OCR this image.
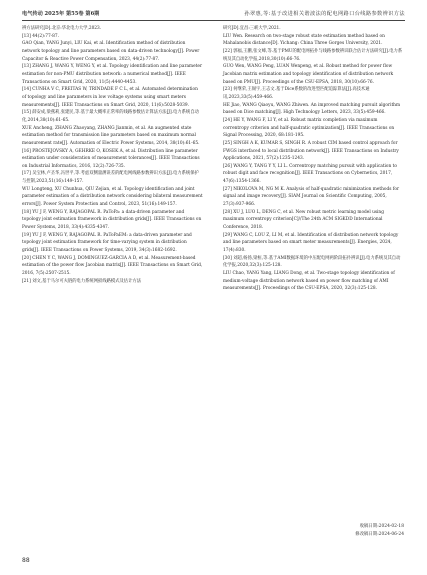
电气传动 2025年 第55卷 第6期	孙翠惠,等:基于改进相关谐波法的配电网路口台线路参数辨识方法

辨方法研究[D].北京:华北电力大学,2023.

[13] 44(2):77-87.

GAO Qian, YANG Junyi, LIU Kai, et al. Identification method of distribution network topology and line parameters based on data-driven technology[J]. Power Capacitor & Reactive Power Compensation, 2023, 44(2):77-87.

[13] ZHANG J, WANG Y, WENG Y, et al. Topology identification and line parameter estimation for non-PMU distribution network: a numerical method[J]. IEEE Transactions on Smart Grid, 2020, 11(5):4440-4453.

[14] CUNHA V C, FREITAS W, TRINDADE F C L, et al. Automated determination of topology and line parameters in low voltage systems using smart meters measurements[J]. IEEE Transactions on Smart Grid, 2020, 11(6):5028-5039.

[15] 薛安成,梁燕莉,张建民,等.基于最大概率正常率的线路参数估计算法方法[J].电力系统自动化,2014,38(10):61-65.

XUE Ancheng, ZHANG Zhaoyang, ZHANG Jianmin, et al. An augmented state estimation method for transmission line parameters based on maximum normal measurement rate[J]. Automation of Electric Power Systems, 2014, 38(10):61-65.

[16] PROSTEJOVSKY A, GEHRKE O, KOSEK A, et al. Distribution line parameter estimation under consideration of measurement tolerances[J]. IEEE Transactions on Industrial Informatics, 2016, 12(2):726-735.

[17] 吴宝林,卢圣华,冯世平,等.考虑双侧量测误差的配电网线路参数辨识方法[J].电力系统保护与控制,2023,51(16):149-157.

WU Longteng, XU Chunhua, QIU Zejian, et al. Topology identification and joint parameter estimation of a distribution network considering bilateral measurement errors[J]. Power System Protection and Control, 2023, 51(16):149-157.

[18] YU J F, WENG Y, RAJAGOPAL R. PaToPa: a data-driven parameter and topology joint estimation framework in distribution grids[J]. IEEE Transactions on Power Systems, 2018, 33(4):4335-4347.

[19] YU J F, WENG Y, RAJAGOPAL R. PaToPaEM: a data-driven parameter and topology joint estimation framework for time-varying system in distribution grids[J]. IEEE Transactions on Power Systems, 2019, 34(3):1682-1692.

[20] CHEN Y C, WANG J, DOMINGUEZ-GARCIA A D, et al. Measurement-based estimation of the power flow Jacobian matrix[J]. IEEE Transactions on Smart Grid, 2016, 7(5):2507-2515.

[21] 刘文,基于马尔可夫链的电力系统网损线路模式及估计方法

研究[D].宜昌:三峡大学,2021.

LIU Wen. Research on two-stage robust state estimation method based on Mahalanobis distance[D]. Yichang: China Three Gorges University, 2021.

[22] 郭福,王鹏,张文峰,等.基于PMU的配电网拓扑与线路参数辨识联合估计方法研究[J].电力系统及其自动化学报,2018,30(10):66-76.

GUO Wen, WANG Peng, LUAN Wenpeng, et al. Robust method for power flow Jacobian matrix estimation and topology identification of distribution network based on PMU[J]. Proceedings of the CSU-EPSA, 2018, 30(10):66-76.

[23] 何继荣,王锡宇,王志文.基于Dice系数的改进型匹配追踪算法[J].高技术通讯,2023,33(5):459-466.

HE Jiao, WANG Qiaoyu, WANG Zhiwen. An improved matching pursuit algorithm based on Dice matching[J]. High Technology Letters, 2023, 33(5):459-466.

[24] HE Y, WANG F, LI Y, et al. Robust matrix completion via maximum correntropy criterion and half-quadratic optimization[J]. IEEE Transactions on Signal Processing, 2020, 68:181-195.

[25] SINGH A K, KUMAR S, SINGH R. A robust CIM based control approach for FWGS interfaced to local distribution network[J]. IEEE Transactions on Industry Applications, 2021, 57(2):1235-1243.

[26] WANG Y, TANG Y Y, LI L. Correntropy matching pursuit with application to robust digit and face recognition[J]. IEEE Transactions on Cybernetics, 2017, 47(6):1354-1366.

[27] NIKOLOVA M, NG M K. Analysis of half-quadratic minimization methods for signal and image recovery[J]. SIAM Journal on Scientific Computing, 2005, 27(3):937-966.

[28] XU J, LUO L, DENG C, et al. New robust metric learning model using maximum correntropy criterion[C]//The 24th ACM SIGKDD International Conference, 2018.

[29] WANG C, LOU Z, LI M, et al. Identification of distribution network topology and line parameters based on smart meter measurements[J]. Energies, 2024, 17(4):830.

[30] 刘超,杨扬,梁桓,等.基于AMI数据环境的中压配电网两阶段拓扑辨识[J].电力系统及其自动化学报,2020,32(3):125-128.

LIU Chao, YANG Yang, LIANG Dong, et al. Two-stage topology identification of medium-voltage distribution network based on power flow matching of AMI measurements[J]. Proceedings of the CSU-EPSA, 2020, 32(3):125-128.

收稿日期:2024-02-18
修改稿日期:2024-06-24
88
